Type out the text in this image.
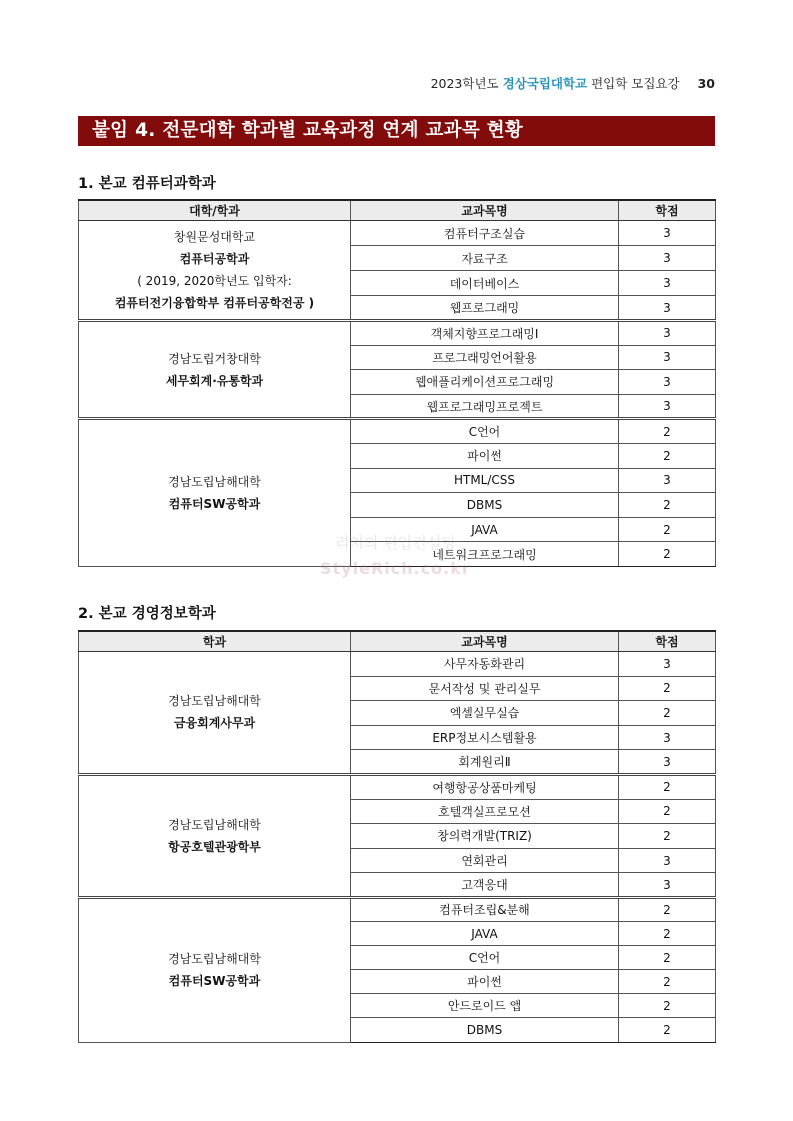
2023학년도 경상국립대학교 편입학 모집요강 30
붙임 4. 전문대학 학과별 교육과정 연계 교과목 현황
1. 본교 컴퓨터과학과
대학/학과	교과목명	학점

창원문성대학교
컴퓨터공학과
( 2019, 2020학년도 입학자:
컴퓨터전기융합학부 컴퓨터공학전공 )	컴퓨터구조실습	3
	자료구조	3
	데이터베이스	3
	웹프로그래밍	3

경남도립거창대학
세무회계·유통학과	객체지향프로그래밍Ⅰ	3
	프로그래밍언어활용	3
	웹애플리케이션프로그래밍	3
	웹프로그래밍프로젝트	3

경남도립남해대학
컴퓨터SW공학과	C언어	2
	파이썬	2
	HTML/CSS	3
	DBMS	2
	JAVA	2
	네트워크프로그래밍	2
2. 본교 경영정보학과
학과	교과목명	학점

경남도립남해대학
금융회계사무과	사무자동화관리	3
	문서작성 및 관리실무	2
	엑셀실무실습	2
	ERP정보시스템활용	3
	회계원리Ⅱ	3

경남도립남해대학
항공호텔관광학부	여행항공상품마케팅	2
	호텔객실프로모션	2
	창의력개발(TRIZ)	2
	연회관리	3
	고객응대	3

경남도립남해대학
컴퓨터SW공학과	컴퓨터조립&분해	2
	JAVA	2
	C언어	2
	파이썬	2
	안드로이드 앱	2
	DBMS	2
리치의 편입컨설팅
StyleRich.co.kr
